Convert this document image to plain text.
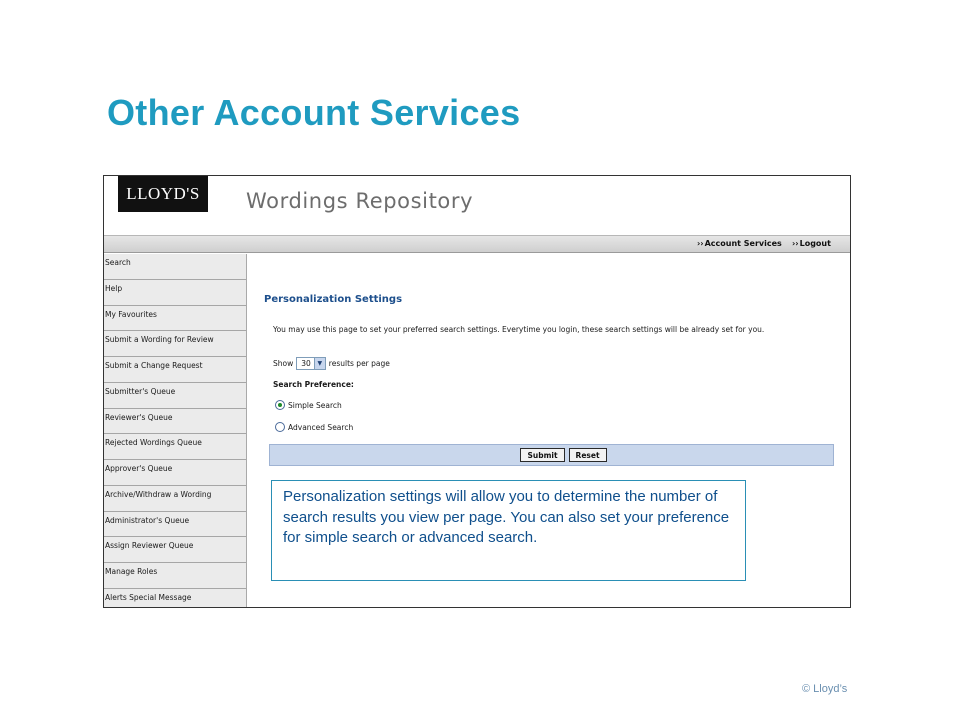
Other Account Services
LLOYD'S	Wordings Repository
››Account Services ››Logout
Search
Help
My Favourites
Submit a Wording for Review
Submit a Change Request
Submitter's Queue
Reviewer's Queue
Rejected Wordings Queue
Approver's Queue
Archive/Withdraw a Wording
Administrator's Queue
Assign Reviewer Queue
Manage Roles
Alerts Special Message
Personalization Settings
You may use this page to set your preferred search settings. Everytime you login, these search settings will be already set for you.
Show	30	▼ results per page
Search Preference:
Simple Search
Advanced Search
Submit	Reset
Personalization settings will allow you to determine the number of search results you view per page. You can also set your preference for simple search or advanced search.
© Lloyd’s
